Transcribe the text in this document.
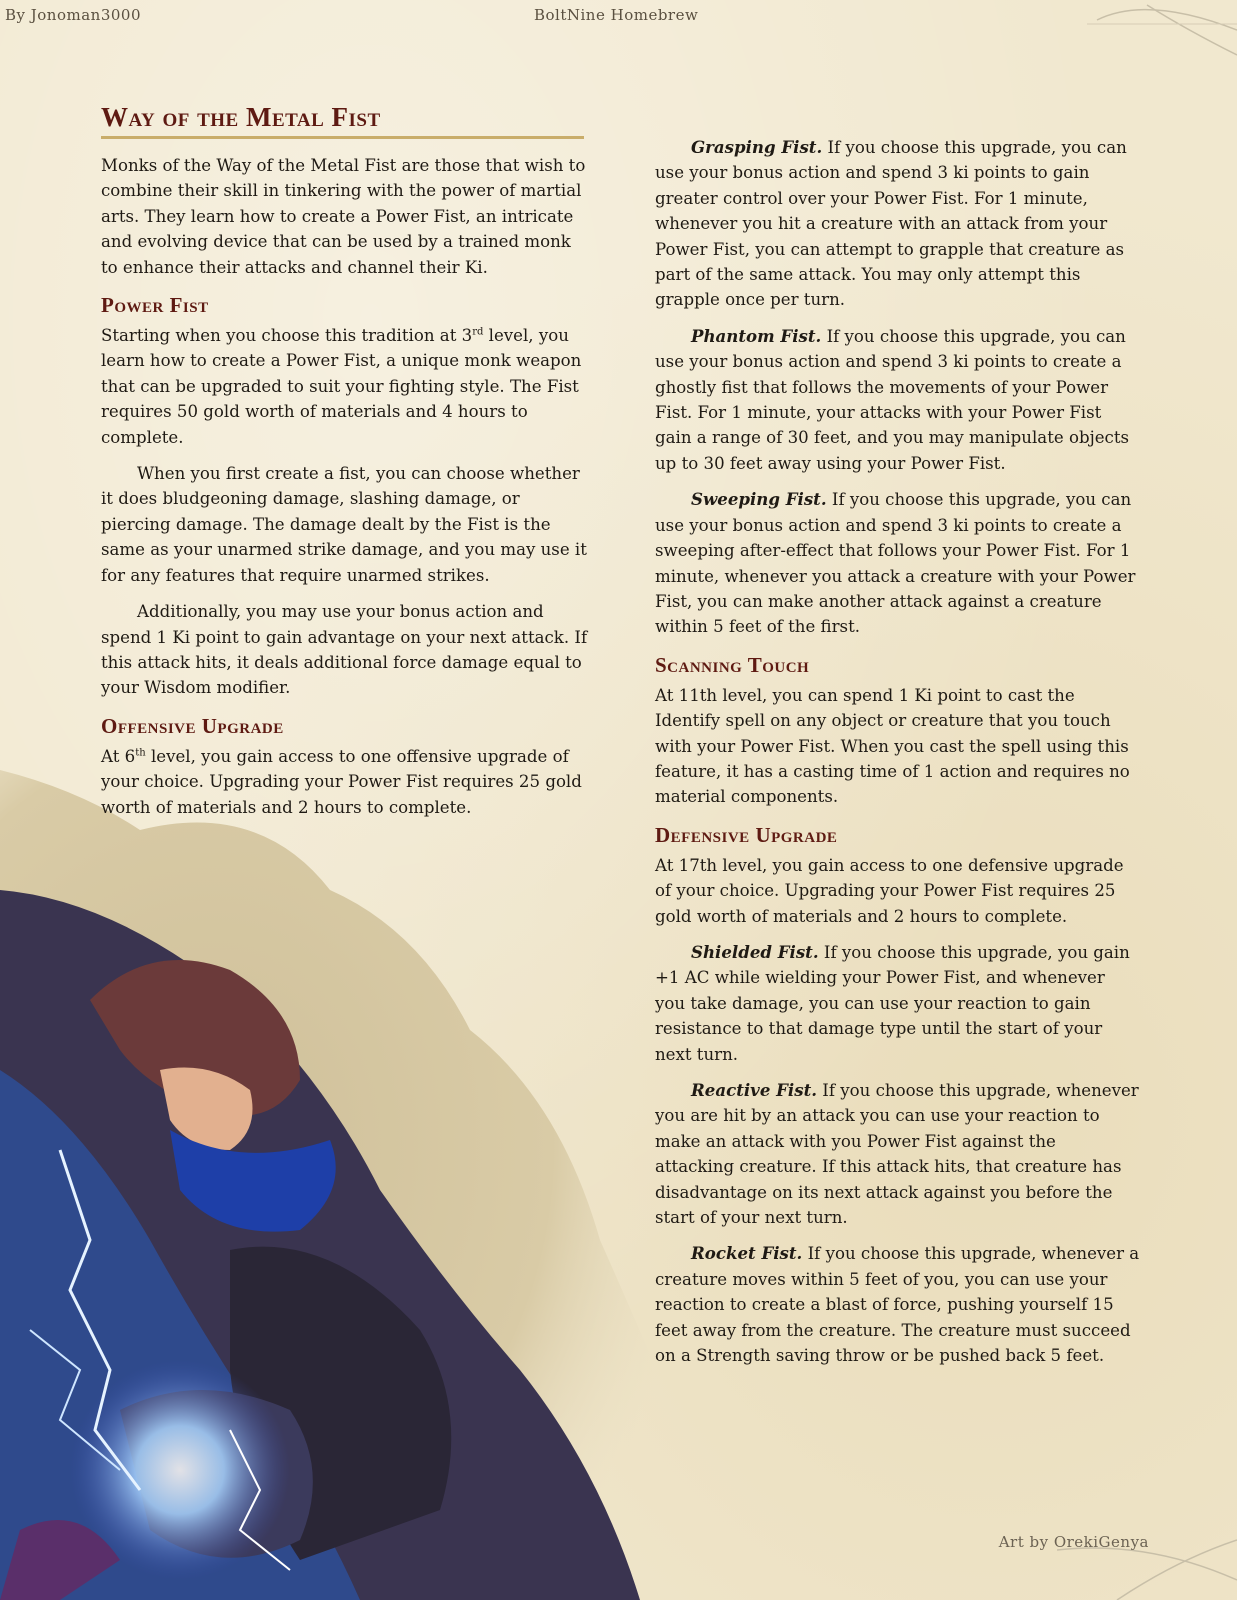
By Jonoman3000	BoltNine Homebrew
Way of the Metal Fist

Monks of the Way of the Metal Fist are those that wish to combine their skill in tinkering with the power of martial arts. They learn how to create a Power Fist, an intricate and evolving device that can be used by a trained monk to enhance their attacks and channel their Ki.

Power Fist

Starting when you choose this tradition at 3rd level, you learn how to create a Power Fist, a unique monk weapon that can be upgraded to suit your fighting style. The Fist requires 50 gold worth of materials and 4 hours to complete.

When you first create a fist, you can choose whether it does bludgeoning damage, slashing damage, or piercing damage. The damage dealt by the Fist is the same as your unarmed strike damage, and you may use it for any features that require unarmed strikes.

Additionally, you may use your bonus action and spend 1 Ki point to gain advantage on your next attack. If this attack hits, it deals additional force damage equal to your Wisdom modifier.

Offensive Upgrade

At 6th level, you gain access to one offensive upgrade of your choice. Upgrading your Power Fist requires 25 gold worth of materials and 2 hours to complete.

Grasping Fist. If you choose this upgrade, you can use your bonus action and spend 3 ki points to gain greater control over your Power Fist. For 1 minute, whenever you hit a creature with an attack from your Power Fist, you can attempt to grapple that creature as part of the same attack. You may only attempt this grapple once per turn.

Phantom Fist. If you choose this upgrade, you can use your bonus action and spend 3 ki points to create a ghostly fist that follows the movements of your Power Fist. For 1 minute, your attacks with your Power Fist gain a range of 30 feet, and you may manipulate objects up to 30 feet away using your Power Fist.

Sweeping Fist. If you choose this upgrade, you can use your bonus action and spend 3 ki points to create a sweeping after-effect that follows your Power Fist. For 1 minute, whenever you attack a creature with your Power Fist, you can make another attack against a creature within 5 feet of the first.

Scanning Touch

At 11th level, you can spend 1 Ki point to cast the Identify spell on any object or creature that you touch with your Power Fist. When you cast the spell using this feature, it has a casting time of 1 action and requires no material components.

Defensive Upgrade

At 17th level, you gain access to one defensive upgrade of your choice. Upgrading your Power Fist requires 25 gold worth of materials and 2 hours to complete.

Shielded Fist. If you choose this upgrade, you gain +1 AC while wielding your Power Fist, and whenever you take damage, you can use your reaction to gain resistance to that damage type until the start of your next turn.

Reactive Fist. If you choose this upgrade, whenever you are hit by an attack you can use your reaction to make an attack with you Power Fist against the attacking creature. If this attack hits, that creature has disadvantage on its next attack against you before the start of your next turn.

Rocket Fist. If you choose this upgrade, whenever a creature moves within 5 feet of you, you can use your reaction to create a blast of force, pushing yourself 15 feet away from the creature. The creature must succeed on a Strength saving throw or be pushed back 5 feet.

Art by OrekiGenya
